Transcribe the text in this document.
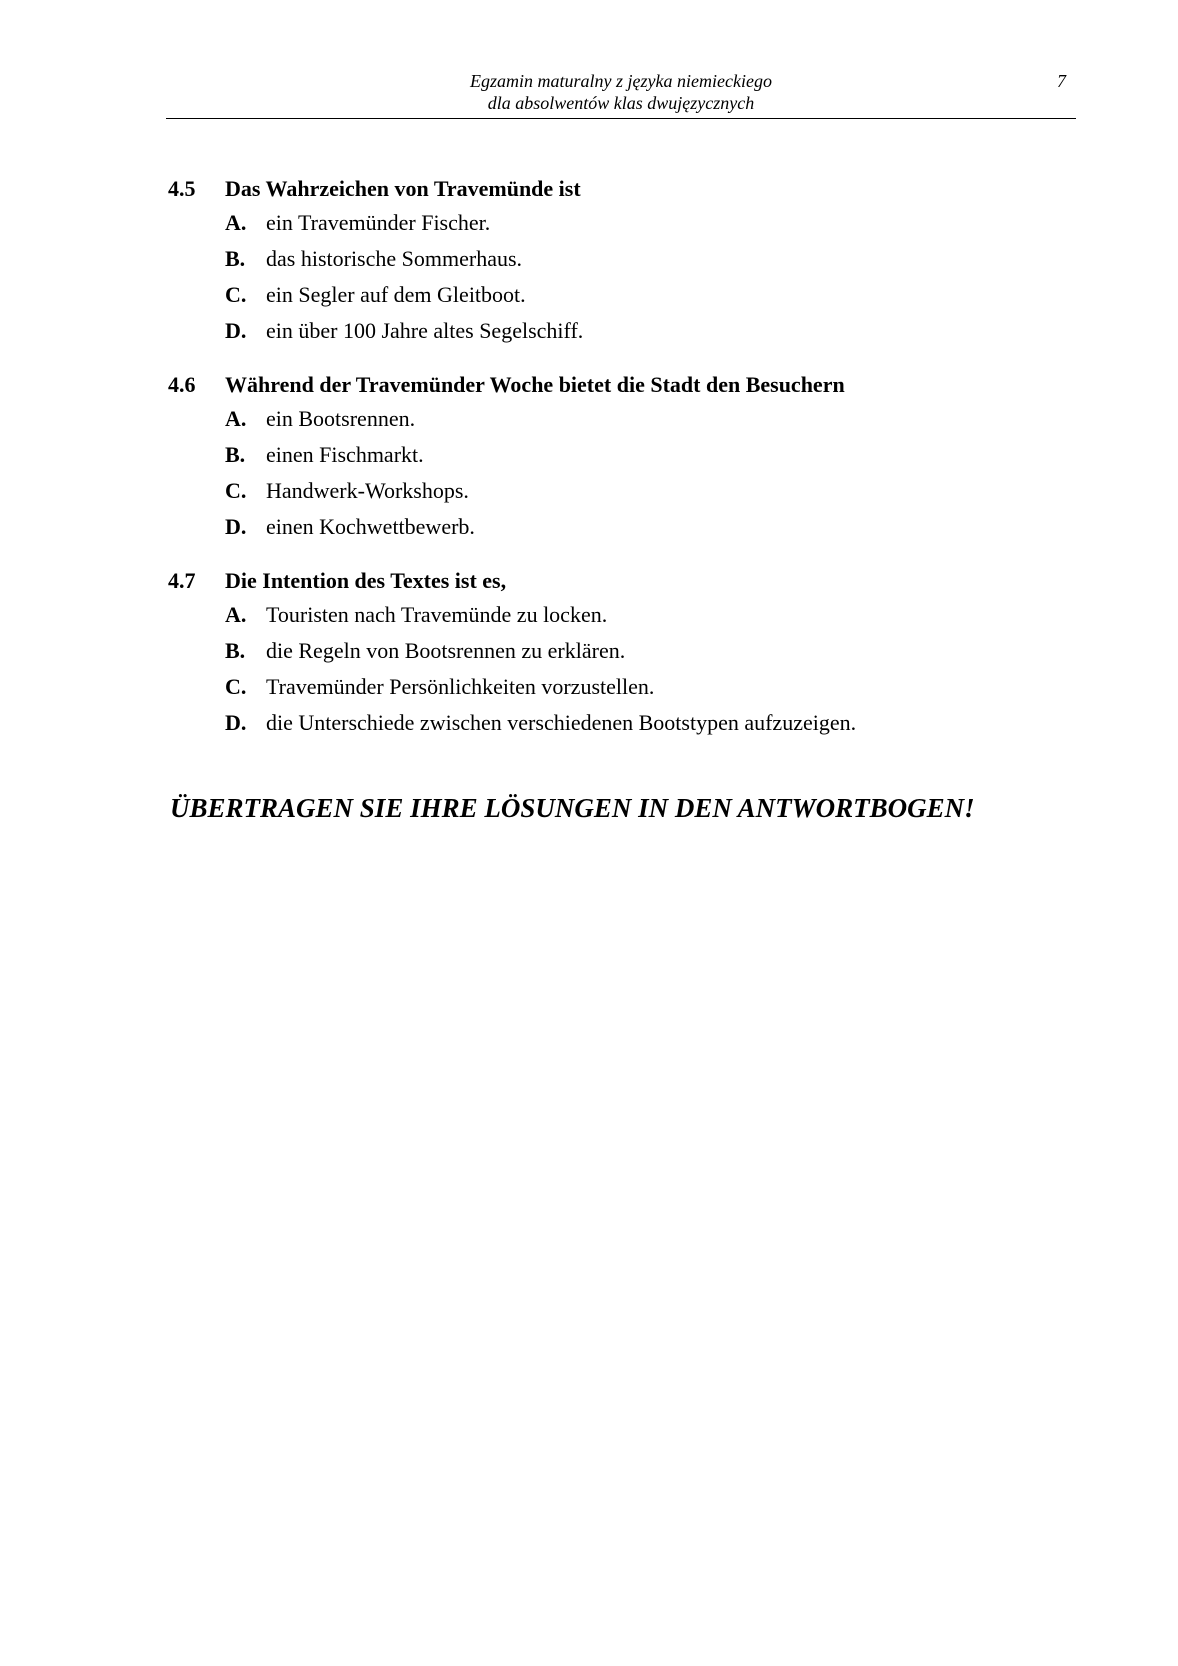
Egzamin maturalny z języka niemieckiego
dla absolwentów klas dwujęzycznych
7
4.5 Das Wahrzeichen von Travemünde ist
A. ein Travemünder Fischer.
B. das historische Sommerhaus.
C. ein Segler auf dem Gleitboot.
D. ein über 100 Jahre altes Segelschiff.
4.6 Während der Travemünder Woche bietet die Stadt den Besuchern
A. ein Bootsrennen.
B. einen Fischmarkt.
C. Handwerk-Workshops.
D. einen Kochwettbewerb.
4.7 Die Intention des Textes ist es,
A. Touristen nach Travemünde zu locken.
B. die Regeln von Bootsrennen zu erklären.
C. Travemünder Persönlichkeiten vorzustellen.
D. die Unterschiede zwischen verschiedenen Bootstypen aufzuzeigen.
ÜBERTRAGEN SIE IHRE LÖSUNGEN IN DEN ANTWORTBOGEN!
